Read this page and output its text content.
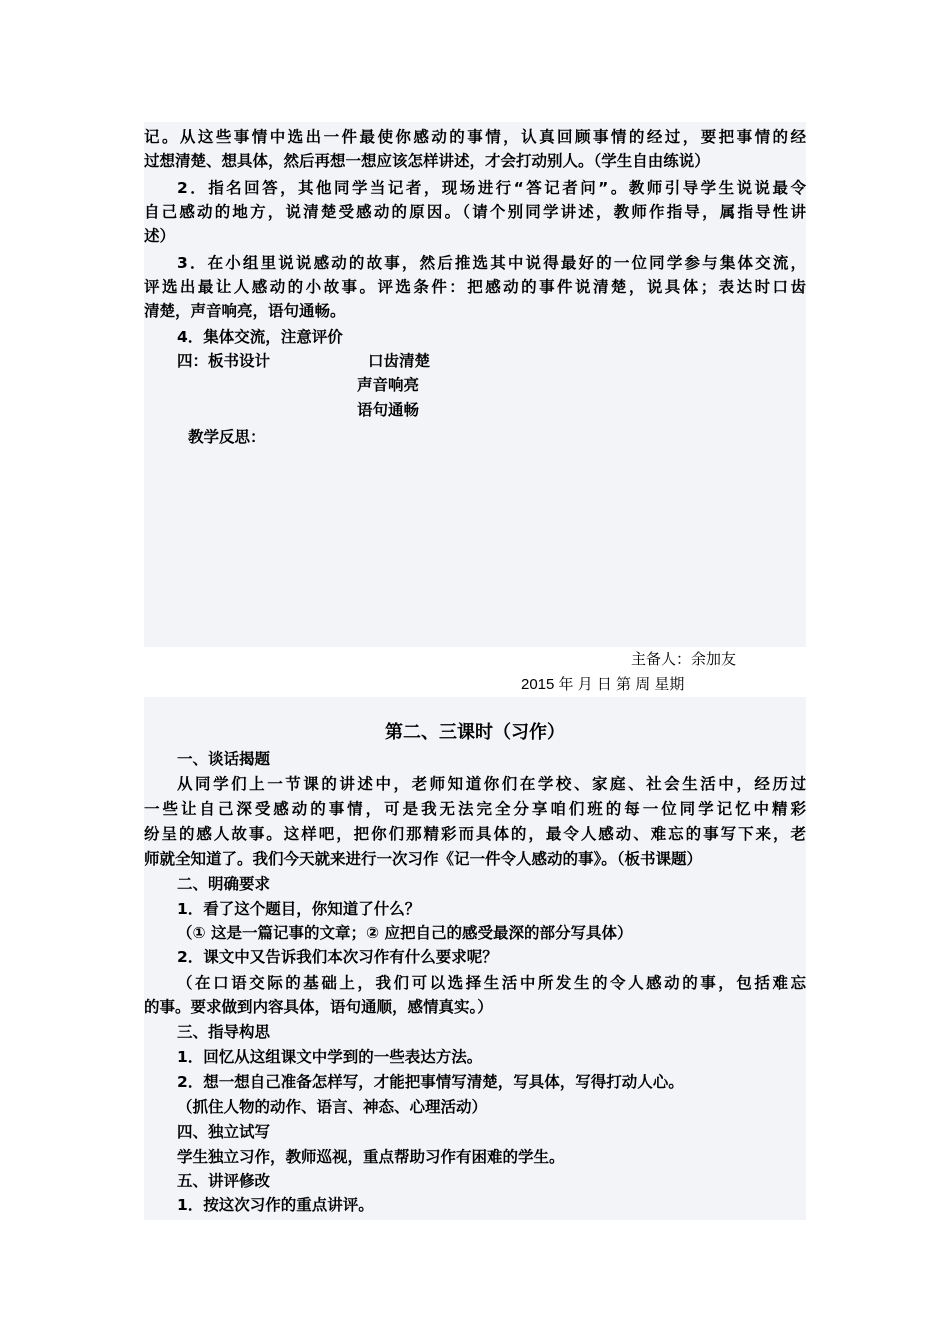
记。从这些事情中选出一件最使你感动的事情，认真回顾事情的经过，要把事情的经
过想清楚、想具体，然后再想一想应该怎样讲述，才会打动别人。（学生自由练说）
2．指名回答，其他同学当记者，现场进行“答记者问”。教师引导学生说说最令
自己感动的地方，说清楚受感动的原因。（请个别同学讲述，教师作指导，属指导性讲
述）
3．在小组里说说感动的故事，然后推选其中说得最好的一位同学参与集体交流，
评选出最让人感动的小故事。评选条件：把感动的事件说清楚，说具体；表达时口齿
清楚，声音响亮，语句通畅。
4．集体交流，注意评价
四：板书设计	口齿清楚
声音响亮
语句通畅
教学反思：
主备人：余加友
2015 年 月 日 第 周 星期
第二、三课时（习作）
一、谈话揭题
从同学们上一节课的讲述中，老师知道你们在学校、家庭、社会生活中，经历过
一些让自己深受感动的事情，可是我无法完全分享咱们班的每一位同学记忆中精彩
纷呈的感人故事。这样吧，把你们那精彩而具体的，最令人感动、难忘的事写下来，老
师就全知道了。我们今天就来进行一次习作《记一件令人感动的事》。（板书课题）
二、明确要求
1．看了这个题目，你知道了什么？
（① 这是一篇记事的文章；② 应把自己的感受最深的部分写具体）
2．课文中又告诉我们本次习作有什么要求呢？
（在口语交际的基础上，我们可以选择生活中所发生的令人感动的事，包括难忘
的事。要求做到内容具体，语句通顺，感情真实。）
三、指导构思
1．回忆从这组课文中学到的一些表达方法。
2．想一想自己准备怎样写，才能把事情写清楚，写具体，写得打动人心。
（抓住人物的动作、语言、神态、心理活动）
四、独立试写
学生独立习作，教师巡视，重点帮助习作有困难的学生。
五、讲评修改
1．按这次习作的重点讲评。
